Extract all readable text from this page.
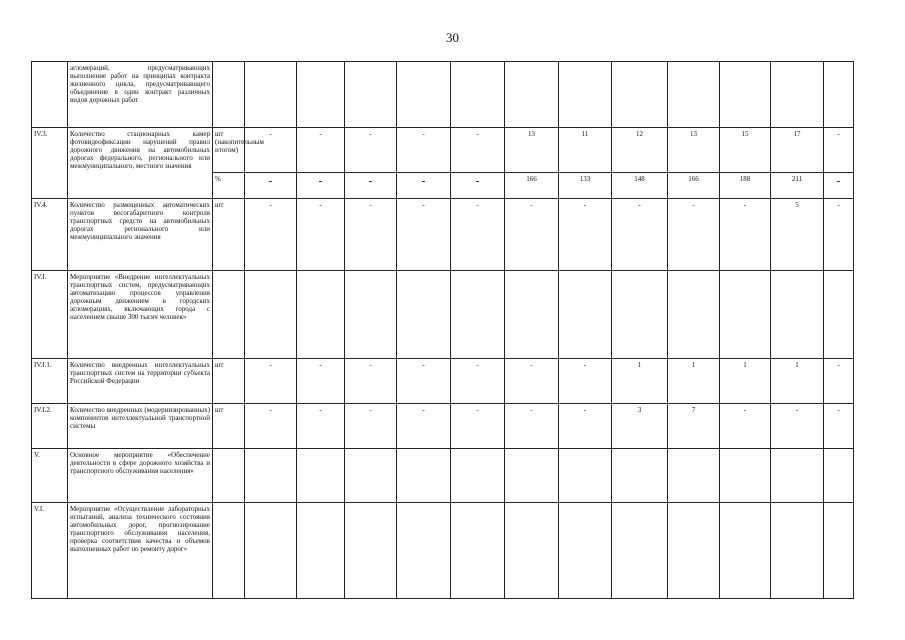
30
	агломераций, предусматривающих выполнение работ на принципах контракта жизненного цикла, предусматривающего объединение в один контракт различных видов дорожных работ													
IV.3.	Количество стационарных камер фотовидеофиксации нарушений правил дорожного движения на автомобильных дорогах федерального, регионального или межмуниципального, местного значения	шт (накопительным итогом)	-	-	-	-	-	13	11	12	13	15	17	-
		%	-	-	-	-	-	166	133	148	166	188	211	-
IV.4.	Количество размещенных автоматических пунктов весогабаритного контроля транспортных средств на автомобильных дорогах регионального или межмуниципального значения	шт	-	-	-	-	-	-	-	-	-	-	5	-
IV.I.	Мероприятие «Внедрение интеллектуальных транспортных систем, предусматривающих автоматизацию процессов управления дорожным движением в городских агломерациях, включающих города с населением свыше 300 тысяч человек»													
IV.I.1.	Количество внедренных интеллектуальных транспортных систем на территории субъекта Российской Федерации	шт	-	-	-	-	-	-	-	1	1	1	1	-
IV.I.2.	Количество внедренных (модернизированных) компонентов интеллектуальной транспортной системы	шт	-	-	-	-	-	-	-	3	7	-	-	-
V.	Основное мероприятие «Обеспечение деятельности в сфере дорожного хозяйства и транспортного обслуживания населения»													
V.I.	Мероприятие «Осуществление лабораторных испытаний, анализа технического состояния автомобильных дорог, прогнозирование транспортного обслуживания населения, проверка соответствия качества и объемов выполненных работ по ремонту дорог»													
